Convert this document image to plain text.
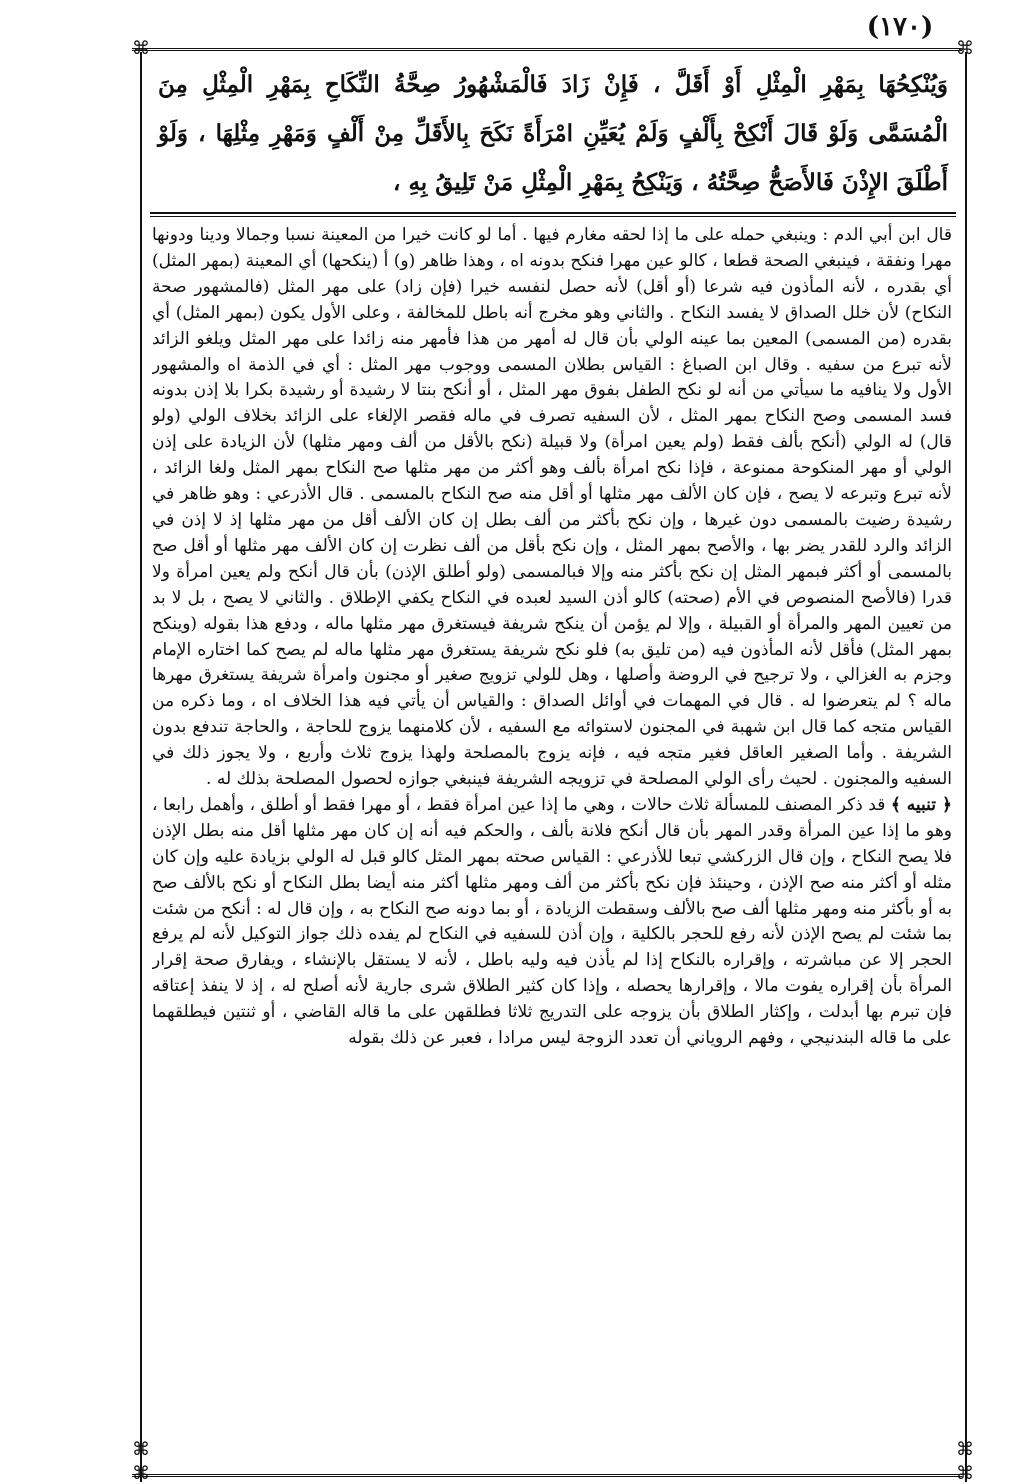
(١٧٠)
⌘	⌘
⌘	⌘
⌘	⌘

وَيُنْكِحُهَا بِمَهْرِ الْمِثْلِ أَوْ أَقَلَّ ، فَإِنْ زَادَ فَالْمَشْهُورُ صِحَّةُ النِّكَاحِ بِمَهْرِ الْمِثْلِ مِنَ الْمُسَمَّى وَلَوْ قَالَ أَنْكِحْ بِأَلْفٍ وَلَمْ يُعَيِّنِ امْرَأَةً نَكَحَ بِالأَقَلِّ مِنْ أَلْفٍ وَمَهْرِ مِثْلِهَا ، وَلَوْ أَطْلَقَ الإِذْنَ فَالأَصَحُّ صِحَّتُهُ ، وَيَنْكِحُ بِمَهْرِ الْمِثْلِ مَنْ تَلِيقُ بِهِ ،

قال ابن أبي الدم : وينبغي حمله على ما إذا لحقه مغارم فيها . أما لو كانت خيرا من المعينة نسبا وجمالا ودينا ودونها مهرا ونفقة ، فينبغي الصحة قطعا ، كالو عين مهرا فنكح بدونه اه ، وهذا ظاهر (و) أ (ينكحها) أي المعينة (بمهر المثل) أي بقدره ، لأنه المأذون فيه شرعا (أو أقل) لأنه حصل لنفسه خيرا (فإن زاد) على مهر المثل (فالمشهور صحة النكاح) لأن خلل الصداق لا يفسد النكاح . والثاني وهو مخرج أنه باطل للمخالفة ، وعلى الأول يكون (بمهر المثل) أي بقدره (من المسمى) المعين بما عينه الولي بأن قال له أمهر من هذا فأمهر منه زائدا على مهر المثل ويلغو الزائد لأنه تبرع من سفيه . وقال ابن الصباغ : القياس بطلان المسمى ووجوب مهر المثل : أي في الذمة اه والمشهور الأول ولا ينافيه ما سيأتي من أنه لو نكح الطفل بفوق مهر المثل ، أو أنكح بنتا لا رشيدة أو رشيدة بكرا بلا إذن بدونه فسد المسمى وصح النكاح بمهر المثل ، لأن السفيه تصرف في ماله فقصر الإلغاء على الزائد بخلاف الولي (ولو قال) له الولي (أنكح بألف فقط (ولم يعين امرأة) ولا قبيلة (نكح بالأقل من ألف ومهر مثلها) لأن الزيادة على إذن الولي أو مهر المنكوحة ممنوعة ، فإذا نكح امرأة بألف وهو أكثر من مهر مثلها صح النكاح بمهر المثل ولغا الزائد ، لأنه تبرع وتبرعه لا يصح ، فإن كان الألف مهر مثلها أو أقل منه صح النكاح بالمسمى . قال الأذرعي : وهو ظاهر في رشيدة رضيت بالمسمى دون غيرها ، وإن نكح بأكثر من ألف بطل إن كان الألف أقل من مهر مثلها إذ لا إذن في الزائد والرد للقدر يضر بها ، والأصح بمهر المثل ، وإن نكح بأقل من ألف نظرت إن كان الألف مهر مثلها أو أقل صح بالمسمى أو أكثر فبمهر المثل إن نكح بأكثر منه وإلا فبالمسمى (ولو أطلق الإذن) بأن قال أنكح ولم يعين امرأة ولا قدرا (فالأصح المنصوص في الأم (صحته) كالو أذن السيد لعبده في النكاح يكفي الإطلاق . والثاني لا يصح ، بل لا بد من تعيين المهر والمرأة أو القبيلة ، وإلا لم يؤمن أن ينكح شريفة فيستغرق مهر مثلها ماله ، ودفع هذا بقوله (وينكح بمهر المثل) فأقل لأنه المأذون فيه (من تليق به) فلو نكح شريفة يستغرق مهر مثلها ماله لم يصح كما اختاره الإمام وجزم به الغزالي ، ولا ترجيح في الروضة وأصلها ، وهل للولي تزويج صغير أو مجنون وامرأة شريفة يستغرق مهرها ماله ؟ لم يتعرضوا له . قال في المهمات في أوائل الصداق : والقياس أن يأتي فيه هذا الخلاف اه ، وما ذكره من القياس متجه كما قال ابن شهبة في المجنون لاستوائه مع السفيه ، لأن كلامنهما يزوج للحاجة ، والحاجة تندفع بدون الشريفة . وأما الصغير العاقل فغير متجه فيه ، فإنه يزوج بالمصلحة ولهذا يزوج ثلاث وأربع ، ولا يجوز ذلك في السفيه والمجنون . لحيث رأى الولي المصلحة في تزويجه الشريفة فينبغي جوازه لحصول المصلحة بذلك له .

﴿ تنبيه ﴾ قد ذكر المصنف للمسألة ثلاث حالات ، وهي ما إذا عين امرأة فقط ، أو مهرا فقط أو أطلق ، وأهمل رابعا ، وهو ما إذا عين المرأة وقدر المهر بأن قال أنكح فلانة بألف ، والحكم فيه أنه إن كان مهر مثلها أقل منه بطل الإذن فلا يصح النكاح ، وإن قال الزركشي تبعا للأذرعي : القياس صحته بمهر المثل كالو قبل له الولي بزيادة عليه وإن كان مثله أو أكثر منه صح الإذن ، وحينئذ فإن نكح بأكثر من ألف ومهر مثلها أكثر منه أيضا بطل النكاح أو نكح بالألف صح به أو بأكثر منه ومهر مثلها ألف صح بالألف وسقطت الزيادة ، أو بما دونه صح النكاح به ، وإن قال له : أنكح من شئت بما شئت لم يصح الإذن لأنه رفع للحجر بالكلية ، وإن أذن للسفيه في النكاح لم يفده ذلك جواز التوكيل لأنه لم يرفع الحجر إلا عن مباشرته ، وإقراره بالنكاح إذا لم يأذن فيه وليه باطل ، لأنه لا يستقل بالإنشاء ، ويفارق صحة إقرار المرأة بأن إقراره يفوت مالا ، وإقرارها يحصله ، وإذا كان كثير الطلاق شرى جارية لأنه أصلح له ، إذ لا ينفذ إعتاقه فإن تبرم بها أبدلت ، وإكثار الطلاق بأن يزوجه على التدريج ثلاثا فطلقهن على ما قاله القاضي ، أو ثنتين فيطلقهما على ما قاله البندنيجي ، وفهم الروياني أن تعدد الزوجة ليس مرادا ، فعبر عن ذلك بقوله
